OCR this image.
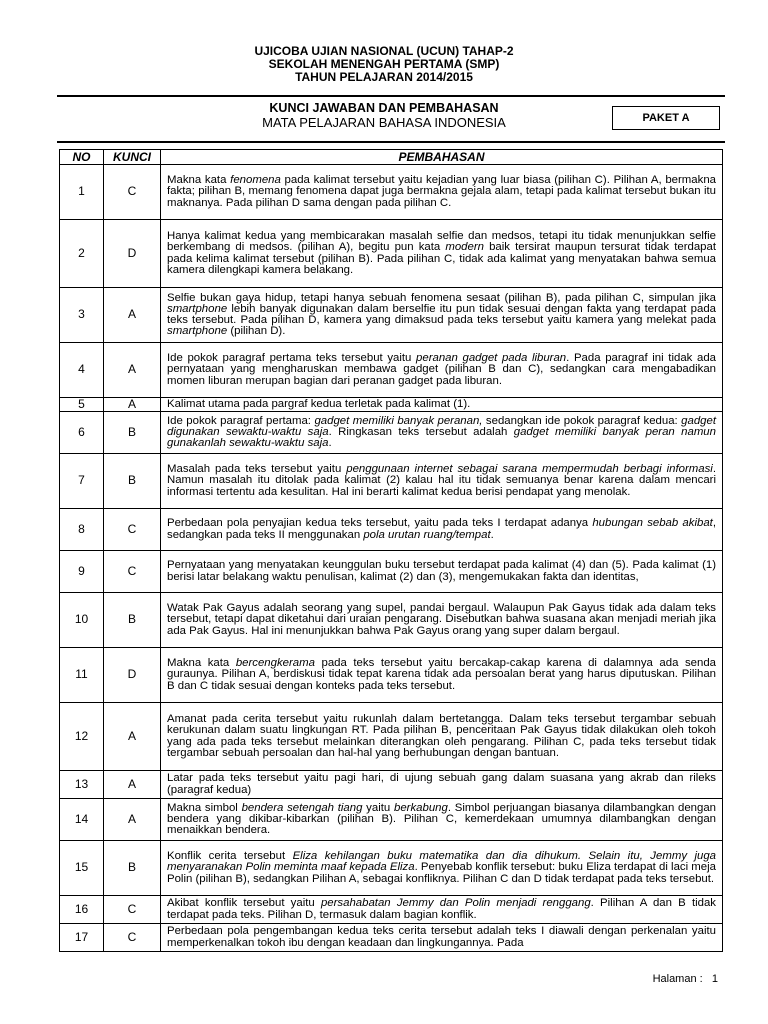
UJICOBA UJIAN NASIONAL (UCUN) TAHAP-2
SEKOLAH MENENGAH PERTAMA (SMP)
TAHUN PELAJARAN 2014/2015
KUNCI JAWABAN DAN PEMBAHASAN
MATA PELAJARAN BAHASA INDONESIA	PAKET A
NO	KUNCI	PEMBAHASAN
1	C	Makna kata fenomena pada kalimat tersebut yaitu kejadian yang luar biasa (pilihan C). Pilihan A, bermakna fakta; pilihan B, memang fenomena dapat juga bermakna gejala alam, tetapi pada kalimat tersebut bukan itu maknanya. Pada pilihan D sama dengan pada pilihan C.
2	D	Hanya kalimat kedua yang membicarakan masalah selfie dan medsos, tetapi itu tidak menunjukkan selfie berkembang di medsos. (pilihan A), begitu pun kata modern baik tersirat maupun tersurat tidak terdapat pada kelima kalimat tersebut (pilihan B). Pada pilihan C, tidak ada kalimat yang menyatakan bahwa semua kamera dilengkapi kamera belakang.
3	A	Selfie bukan gaya hidup, tetapi hanya sebuah fenomena sesaat (pilihan B), pada pilihan C, simpulan jika smartphone lebih banyak digunakan dalam berselfie itu pun tidak sesuai dengan fakta yang terdapat pada teks tersebut. Pada pilihan D, kamera yang dimaksud pada teks tersebut yaitu kamera yang melekat pada smartphone (pilihan D).
4	A	Ide pokok paragraf pertama teks tersebut yaitu peranan gadget pada liburan. Pada paragraf ini tidak ada pernyataan yang mengharuskan membawa gadget (pilihan B dan C), sedangkan cara mengabadikan momen liburan merupan bagian dari peranan gadget pada liburan.
5	A	Kalimat utama pada pargraf kedua terletak pada kalimat (1).
6	B	Ide pokok paragraf pertama: gadget memiliki banyak peranan, sedangkan ide pokok paragraf kedua: gadget digunakan sewaktu-waktu saja. Ringkasan teks tersebut adalah gadget memiliki banyak peran namun gunakanlah sewaktu-waktu saja.
7	B	Masalah pada teks tersebut yaitu penggunaan internet sebagai sarana mempermudah berbagi informasi. Namun masalah itu ditolak pada kalimat (2) kalau hal itu tidak semuanya benar karena dalam mencari informasi tertentu ada kesulitan. Hal ini berarti kalimat kedua berisi pendapat yang menolak.
8	C	Perbedaan pola penyajian kedua teks tersebut, yaitu pada teks I terdapat adanya hubungan sebab akibat, sedangkan pada teks II menggunakan pola urutan ruang/tempat.
9	C	Pernyataan yang menyatakan keunggulan buku tersebut terdapat pada kalimat (4) dan (5). Pada kalimat (1) berisi latar belakang waktu penulisan, kalimat (2) dan (3), mengemukakan fakta dan identitas,
10	B	Watak Pak Gayus adalah seorang yang supel, pandai bergaul. Walaupun Pak Gayus tidak ada dalam teks tersebut, tetapi dapat diketahui dari uraian pengarang. Disebutkan bahwa suasana akan menjadi meriah jika ada Pak Gayus. Hal ini menunjukkan bahwa Pak Gayus orang yang super dalam bergaul.
11	D	Makna kata bercengkerama pada teks tersebut yaitu bercakap-cakap karena di dalamnya ada senda guraunya. Pilihan A, berdiskusi tidak tepat karena tidak ada persoalan berat yang harus diputuskan. Pilihan B dan C tidak sesuai dengan konteks pada teks tersebut.
12	A	Amanat pada cerita tersebut yaitu rukunlah dalam bertetangga. Dalam teks tersebut tergambar sebuah kerukunan dalam suatu lingkungan RT. Pada pilihan B, penceritaan Pak Gayus tidak dilakukan oleh tokoh yang ada pada teks tersebut melainkan diterangkan oleh pengarang. Pilihan C, pada teks tersebut tidak tergambar sebuah persoalan dan hal-hal yang berhubungan dengan bantuan.
13	A	Latar pada teks tersebut yaitu pagi hari, di ujung sebuah gang dalam suasana yang akrab dan rileks (paragraf kedua)
14	A	Makna simbol bendera setengah tiang yaitu berkabung. Simbol perjuangan biasanya dilambangkan dengan bendera yang dikibar-kibarkan (pilihan B). Pilihan C, kemerdekaan umumnya dilambangkan dengan menaikkan bendera.
15	B	Konflik cerita tersebut Eliza kehilangan buku matematika dan dia dihukum. Selain itu, Jemmy juga menyaranakan Polin meminta maaf kepada Eliza. Penyebab konflik tersebut: buku Eliza terdapat di laci meja Polin (pilihan B), sedangkan Pilihan A, sebagai konfliknya. Pilihan C dan D tidak terdapat pada teks tersebut.
16	C	Akibat konflik tersebut yaitu persahabatan Jemmy dan Polin menjadi renggang. Pilihan A dan B tidak terdapat pada teks. Pilihan D, termasuk dalam bagian konflik.
17	C	Perbedaan pola pengembangan kedua teks cerita tersebut adalah teks I diawali dengan perkenalan yaitu memperkenalkan tokoh ibu dengan keadaan dan lingkungannya. Pada
Halaman : 1
